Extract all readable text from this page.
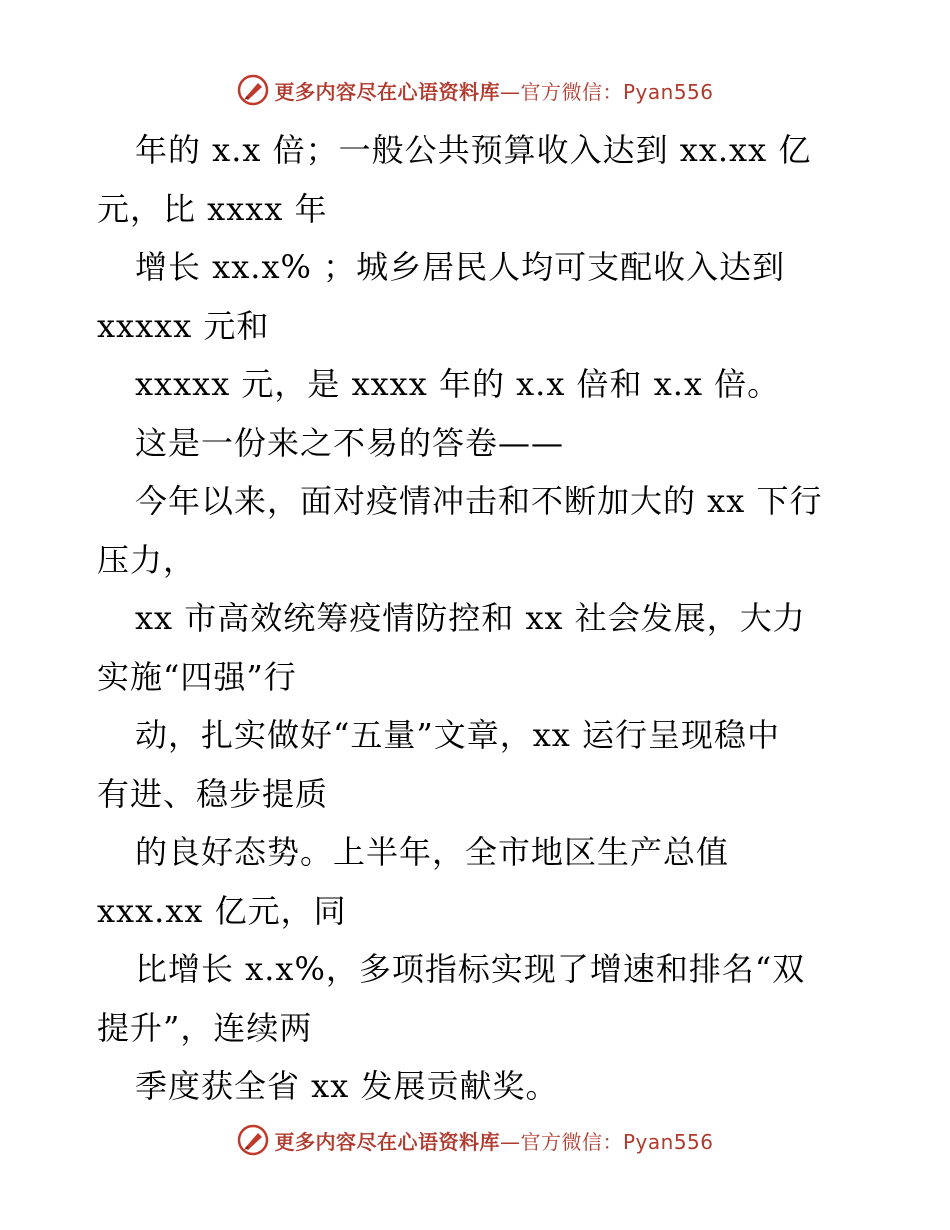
更多内容尽在心语资料库—官方微信：Pyan556
年的 x.x 倍；一般公共预算收入达到 xx.xx 亿
元，比 xxxx 年
增长 xx.x% ；城乡居民人均可支配收入达到
xxxxx 元和
xxxxx 元，是 xxxx 年的 x.x 倍和 x.x 倍。
这是一份来之不易的答卷——
今年以来，面对疫情冲击和不断加大的 xx 下行
压力，
xx 市高效统筹疫情防控和 xx 社会发展，大力
实施“四强”行
动，扎实做好“五量”文章，xx 运行呈现稳中
有进、稳步提质
的良好态势。上半年，全市地区生产总值
xxx.xx 亿元，同
比增长 x.x%，多项指标实现了增速和排名“双
提升”，连续两
季度获全省 xx 发展贡献奖。
更多内容尽在心语资料库—官方微信：Pyan556
